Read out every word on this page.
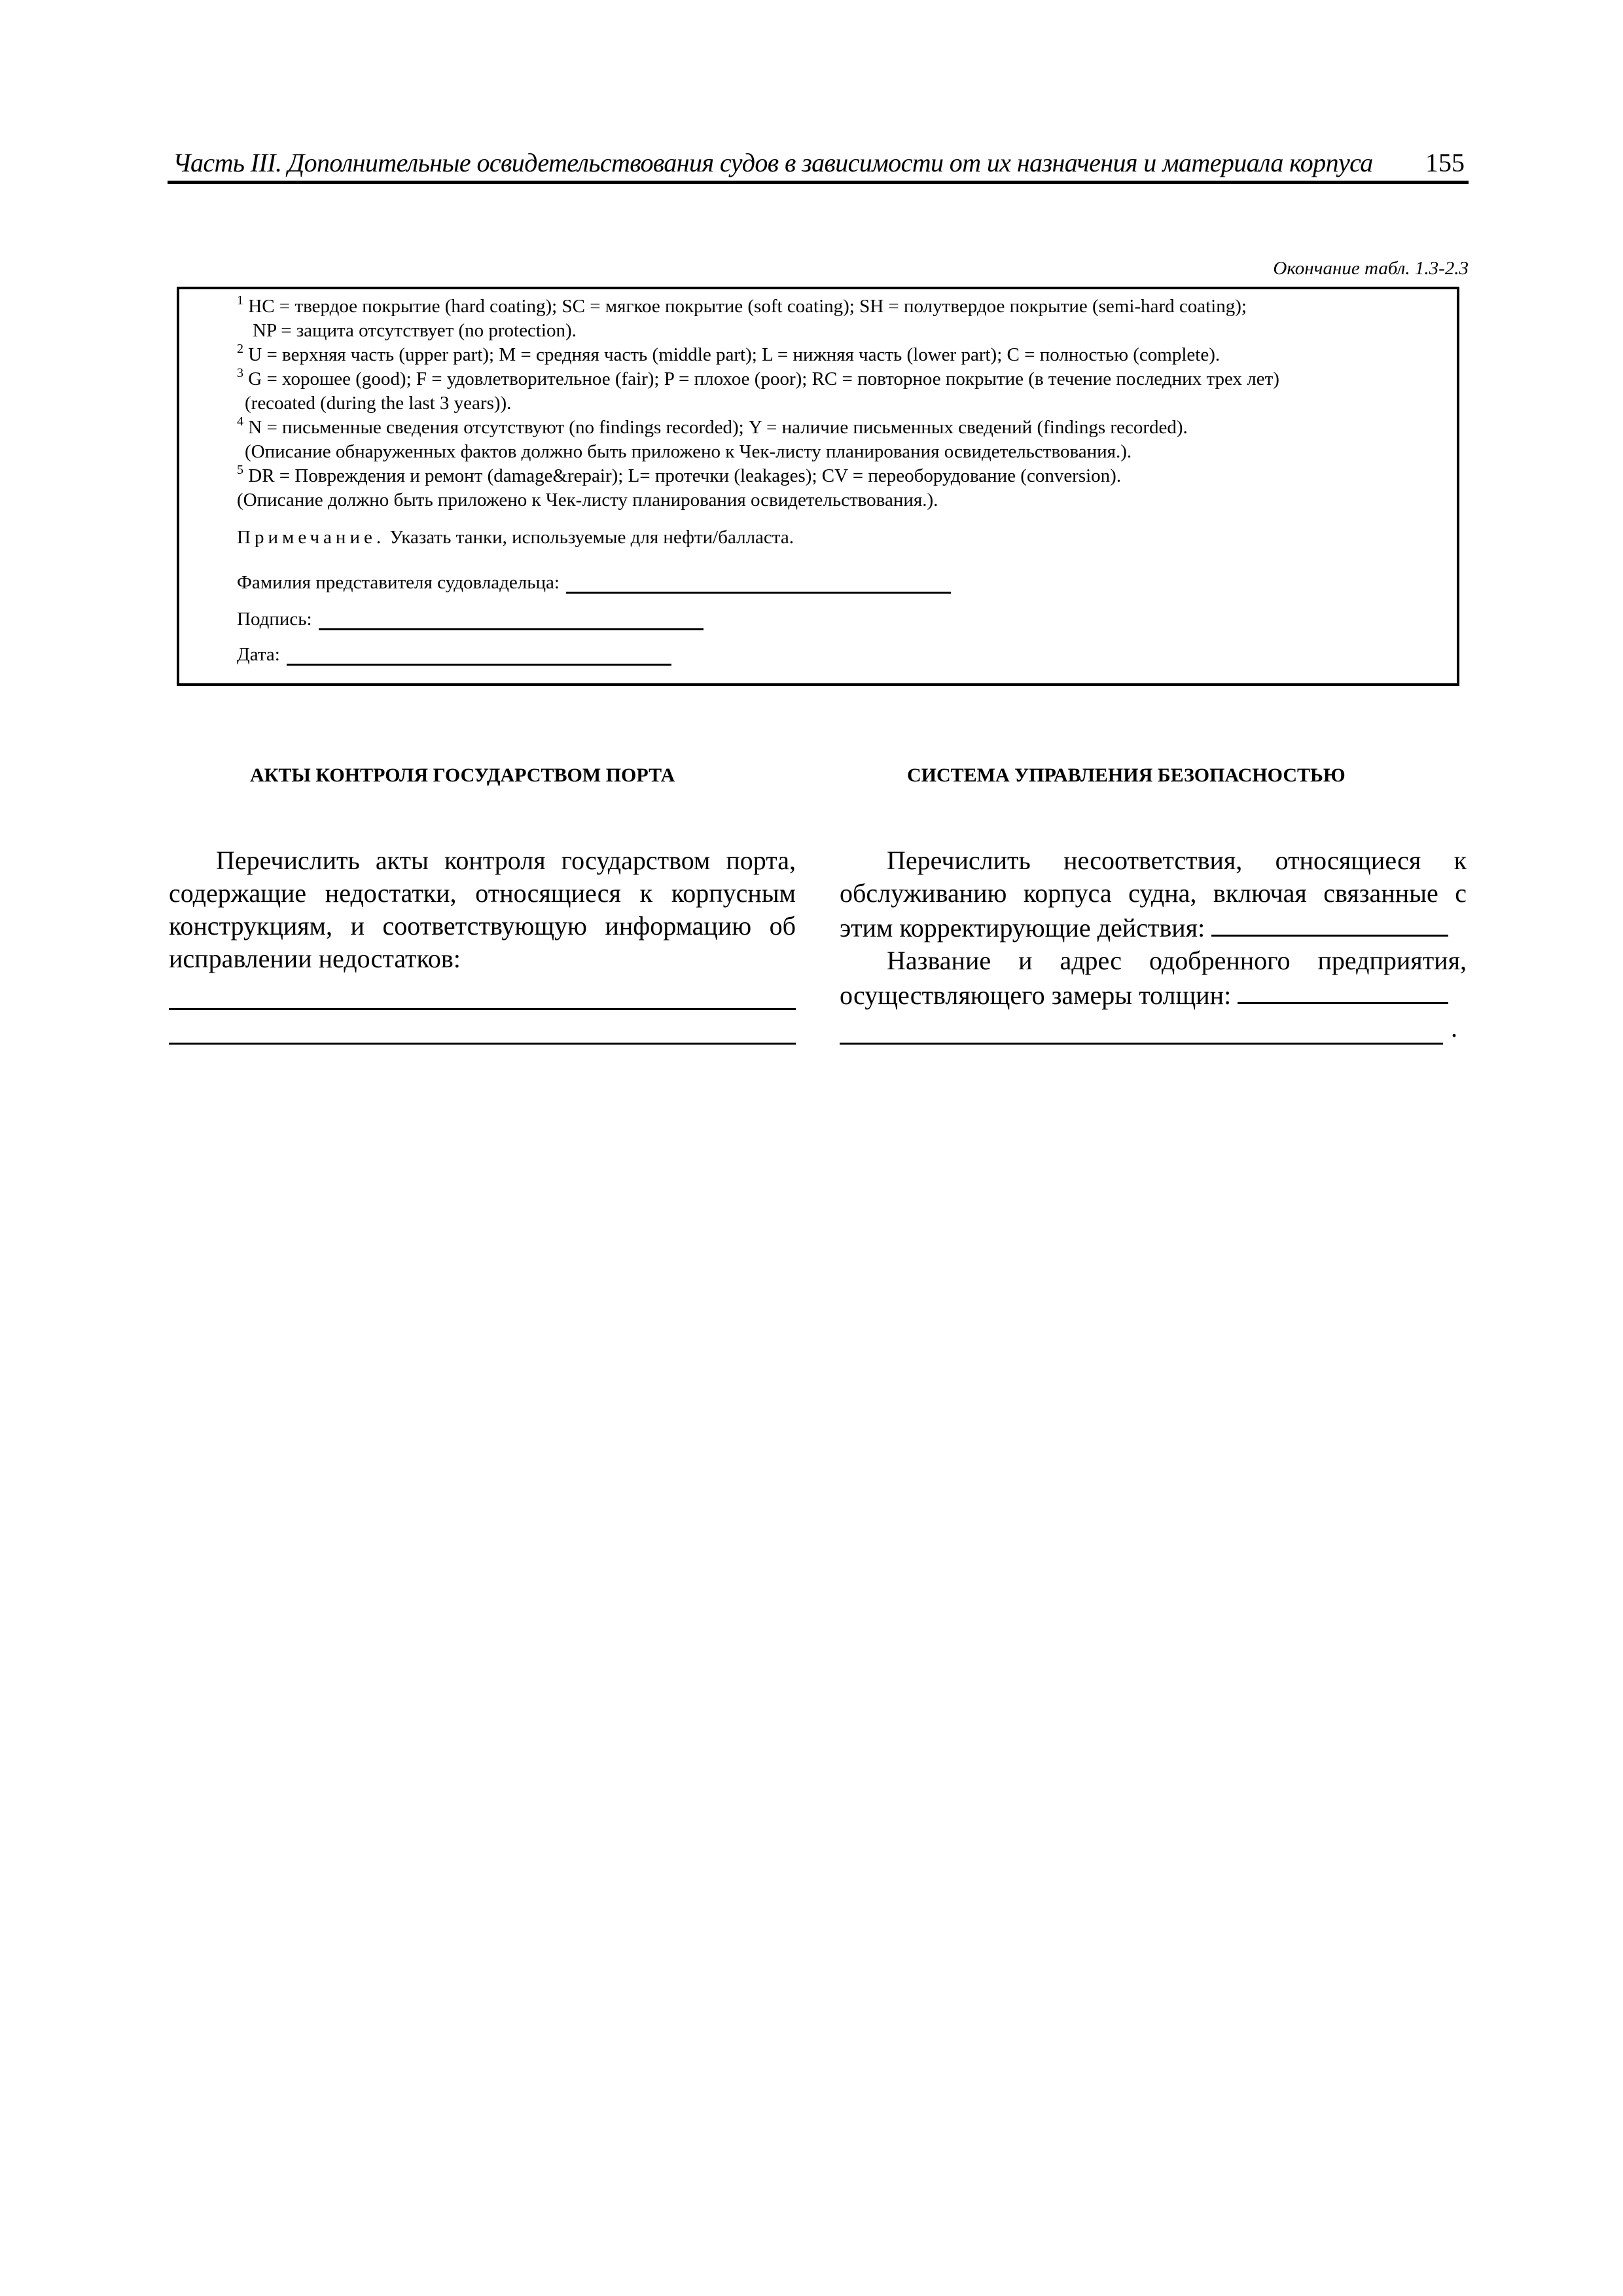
Часть III. Дополнительные освидетельствования судов в зависимости от их назначения и материала корпуса 155
Окончание табл. 1.3-2.3
$^1$ HC = твердое покрытие (hard coating); SC = мягкое покрытие (soft coating); SH = полутвердое покрытие (semi-hard coating);
NP = защита отсутствует (no protection).
$^2$ U = верхняя часть (upper part); M = средняя часть (middle part); L = нижняя часть (lower part); C = полностью (complete).
$^3$ G = хорошее (good); F = удовлетворительное (fair); P = плохое (poor); RC = повторное покрытие (в течение последних трех лет)
(recoated (during the last 3 years)).
$^4$ N = письменные сведения отсутствуют (no findings recorded); Y = наличие письменных сведений (findings recorded).
(Описание обнаруженных фактов должно быть приложено к Чек-листу планирования освидетельствования.).
$^5$ DR = Повреждения и ремонт (damage&repair); L= протечки (leakages); CV = переоборудование (conversion).
(Описание должно быть приложено к Чек-листу планирования освидетельствования.).
Примечание. Указать танки, используемые для нефти/балласта.
Фамилия представителя судовладельца:
Подпись:
Дата:
АКТЫ КОНТРОЛЯ ГОСУДАРСТВОМ ПОРТА

Перечислить акты контроля государством порта, содержащие недостатки, относящиеся к корпусным конструкциям, и соответствующую информацию об исправлении недостатков:

СИСТЕМА УПРАВЛЕНИЯ БЕЗОПАСНОСТЬЮ

Перечислить несоответствия, относящиеся к обслуживанию корпуса судна, включая связанные с этим корректирующие действия:

Название и адрес одобренного предприятия, осуществляющего замеры толщин:

.
